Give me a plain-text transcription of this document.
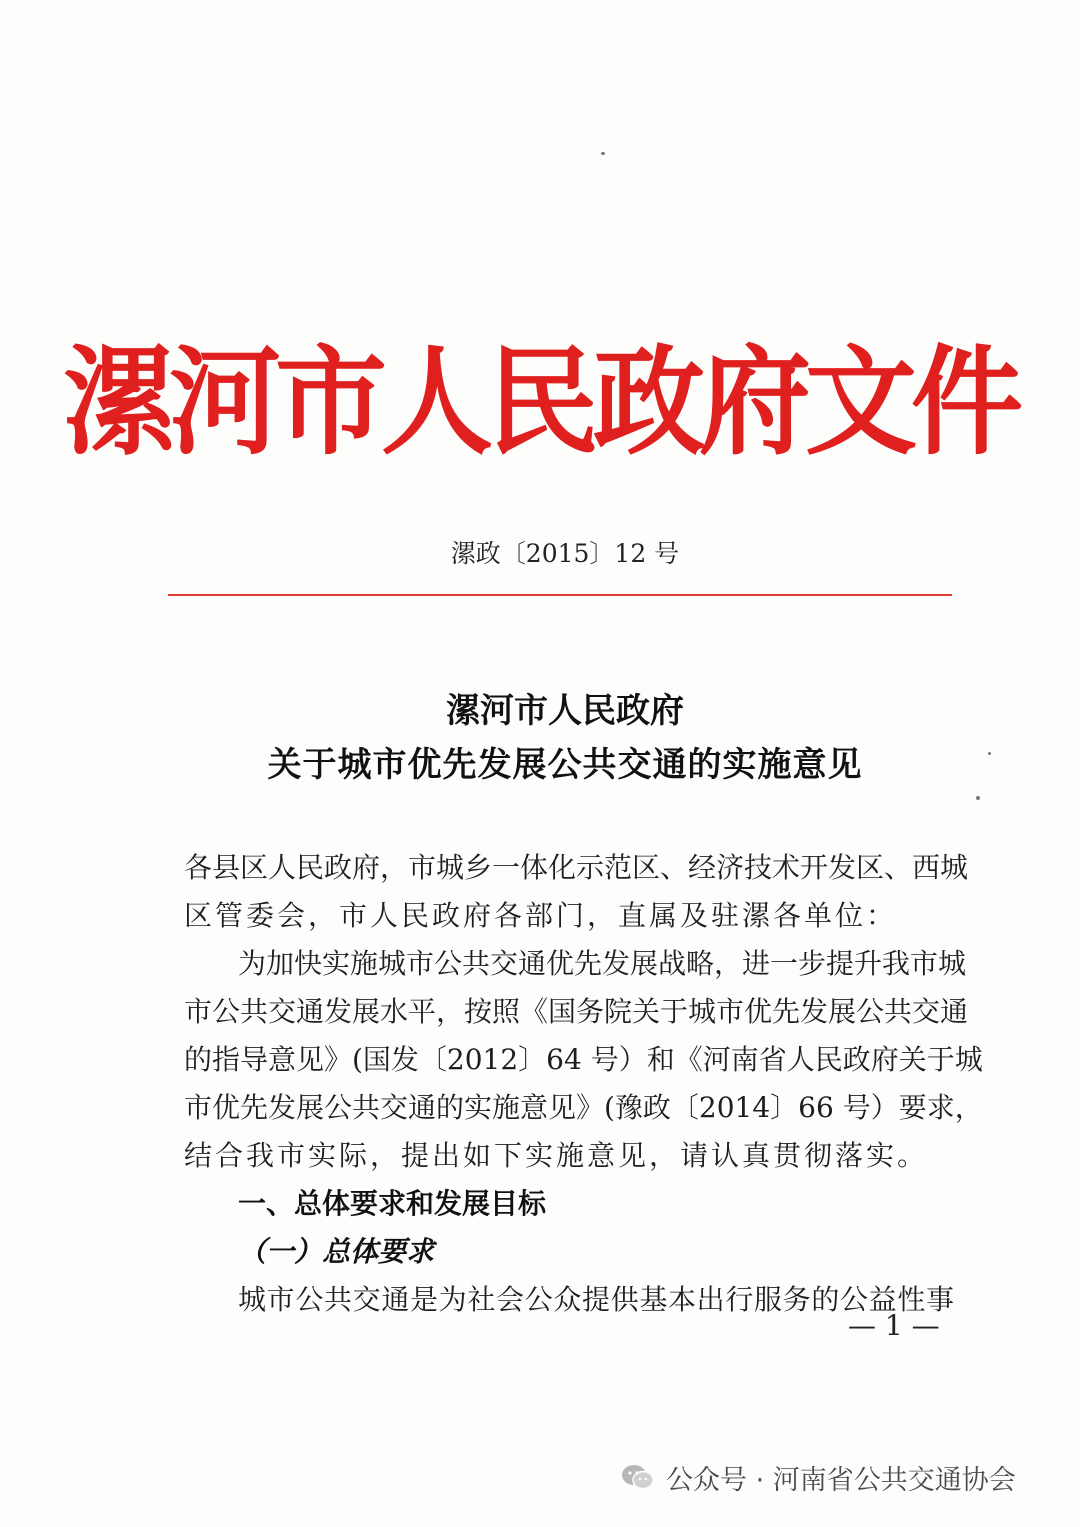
漯河市人民政府文件
漯政〔2015〕12 号
漯河市人民政府
关于城市优先发展公共交通的实施意见
各县区人民政府，市城乡一体化示范区、经济技术开发区、西城
区管委会，市人民政府各部门，直属及驻漯各单位：
为加快实施城市公共交通优先发展战略，进一步提升我市城
市公共交通发展水平，按照《国务院关于城市优先发展公共交通
的指导意见》(国发〔2012〕64 号）和《河南省人民政府关于城
市优先发展公共交通的实施意见》(豫政〔2014〕66 号）要求，
结合我市实际，提出如下实施意见，请认真贯彻落实。
一、总体要求和发展目标
（一）总体要求
城市公共交通是为社会公众提供基本出行服务的公益性事
— 1 —
公众号 · 河南省公共交通协会
